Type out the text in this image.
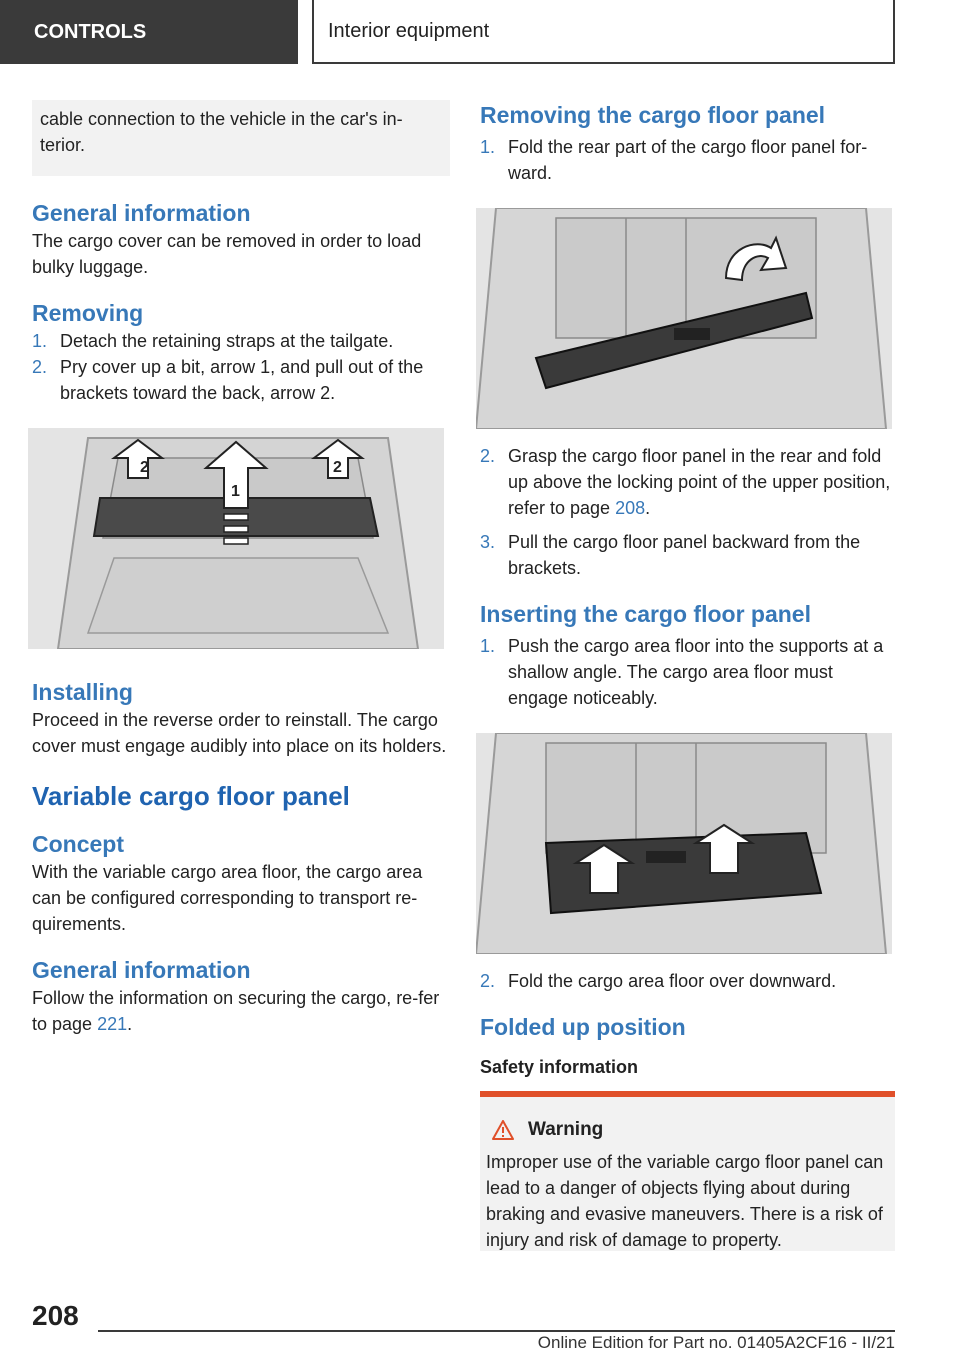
CONTROLS	Interior equipment
cable connection to the vehicle in the car's in-terior.
General information

The cargo cover can be removed in order to load bulky luggage.

Removing
1. Detach the retaining straps at the tailgate.
2. Pry cover up a bit, arrow 1, and pull out of the brackets toward the back, arrow 2.
2
1
2
Installing

Proceed in the reverse order to reinstall. The cargo cover must engage audibly into place on its holders.

Variable cargo floor panel
Concept

With the variable cargo area floor, the cargo area can be configured corresponding to transport re-quirements.

General information

Follow the information on securing the cargo, re-fer to page 221.

Removing the cargo floor panel
1. Fold the rear part of the cargo floor panel for-ward.
2. Grasp the cargo floor panel in the rear and fold up above the locking point of the upper position, refer to page 208.
3. Pull the cargo floor panel backward from the brackets.
Inserting the cargo floor panel
1. Push the cargo area floor into the supports at a shallow angle. The cargo area floor must engage noticeably.
2. Fold the cargo area floor over downward.
Folded up position
Safety information
Warning
Improper use of the variable cargo floor panel can lead to a danger of objects flying about during braking and evasive maneuvers. There is a risk of injury and risk of damage to property.
208
Online Edition for Part no. 01405A2CF16 - II/21
